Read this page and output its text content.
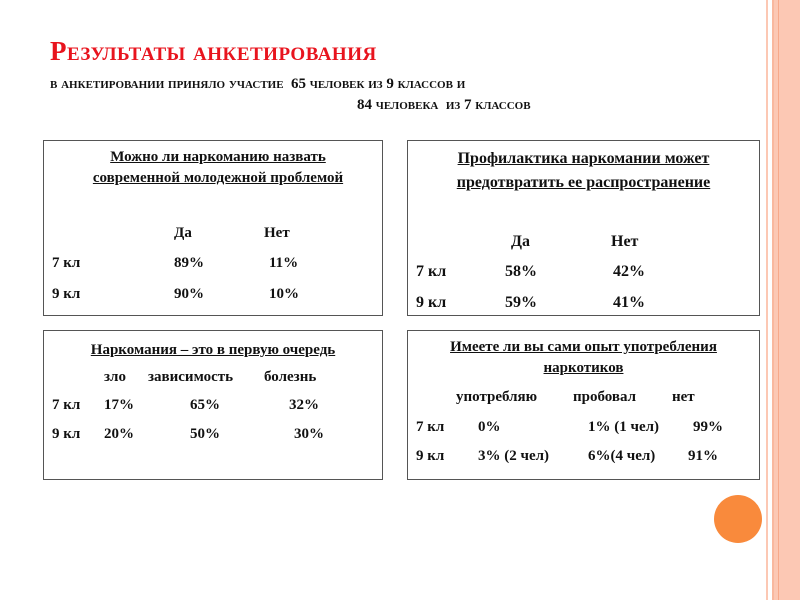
Результаты анкетирования
в анкетировании приняло участие  65 человек из 9 классов и
84 человека  из 7 классов
Можно ли наркоманию назвать современной молодежной проблемой
Да	Нет
7 кл	89%	11%
9 кл	90%	10%
Профилактика наркомании может предотвратить ее распространение
Да	Нет
7 кл	58%	42%
9 кл	59%	41%
Наркомания – это в первую очередь
зло зависимость болезнь
7 кл 17%	65%	32%
9 кл 20%	50%	30%
Имеете ли вы сами опыт употребления наркотиков
употребляю пробовал нет
7 кл 0%	1% (1 чел) 99%
9 кл 3% (2 чел)	6%(4 чел) 91%
